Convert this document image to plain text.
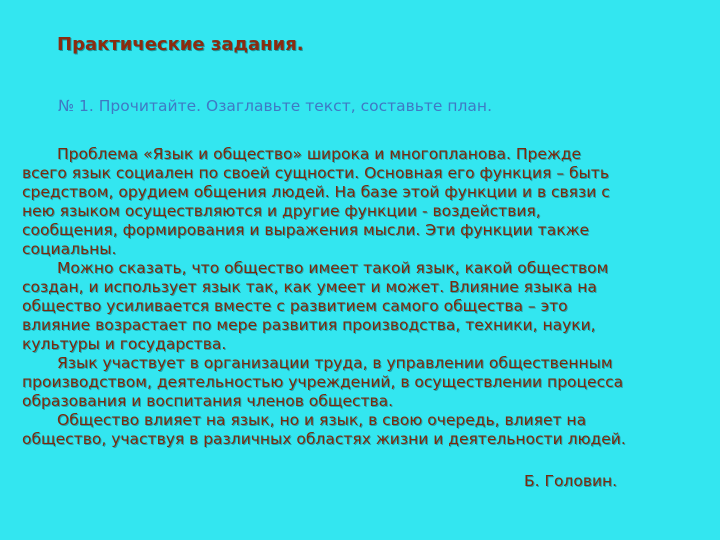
Практические задания.
№ 1. Прочитайте. Озаглавьте текст, составьте план.
Проблема «Язык и общество» широка и многопланова. Прежде
всего язык социален по своей сущности. Основная его функция – быть
средством, орудием общения людей. На базе этой функции и в связи с
нею языком осуществляются и другие функции - воздействия,
сообщения, формирования и выражения мысли. Эти функции также
социальны.
Можно сказать, что общество имеет такой язык, какой обществом
создан, и использует язык так, как умеет и может. Влияние языка на
общество усиливается вместе с развитием самого общества – это
влияние возрастает по мере развития производства, техники, науки,
культуры и государства.
Язык участвует в организации труда, в управлении общественным
производством, деятельностью учреждений, в осуществлении процесса
образования и воспитания членов общества.
Общество влияет на язык, но и язык, в свою очередь, влияет на
общество, участвуя в различных областях жизни и деятельности людей.
Б. Головин.
